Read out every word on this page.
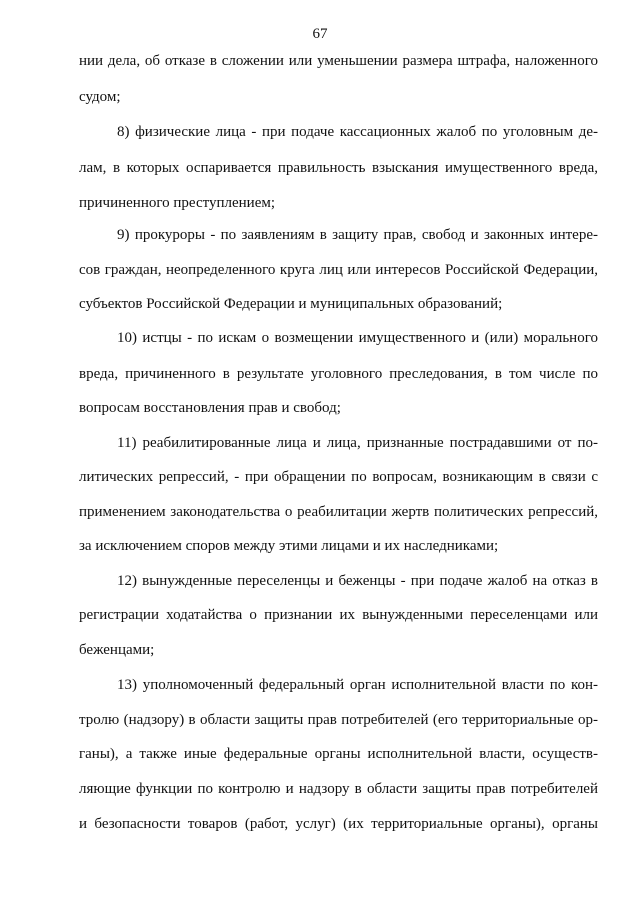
67
нии дела, об отказе в сложении или уменьшении размера штрафа, наложенного
судом;
8) физические лица - при подаче кассационных жалоб по уголовным де-
лам, в которых оспаривается правильность взыскания имущественного вреда,
причиненного преступлением;
9) прокуроры - по заявлениям в защиту прав, свобод и законных интере-
сов граждан, неопределенного круга лиц или интересов Российской Федерации,
субъектов Российской Федерации и муниципальных образований;
10) истцы - по искам о возмещении имущественного и (или) морального
вреда, причиненного в результате уголовного преследования, в том числе по
вопросам восстановления прав и свобод;
11) реабилитированные лица и лица, признанные пострадавшими от по-
литических репрессий, - при обращении по вопросам, возникающим в связи с
применением законодательства о реабилитации жертв политических репрессий,
за исключением споров между этими лицами и их наследниками;
12) вынужденные переселенцы и беженцы - при подаче жалоб на отказ в
регистрации ходатайства о признании их вынужденными переселенцами или
беженцами;
13) уполномоченный федеральный орган исполнительной власти по кон-
тролю (надзору) в области защиты прав потребителей (его территориальные ор-
ганы), а также иные федеральные органы исполнительной власти, осуществ-
ляющие функции по контролю и надзору в области защиты прав потребителей
и безопасности товаров (работ, услуг) (их территориальные органы), органы
